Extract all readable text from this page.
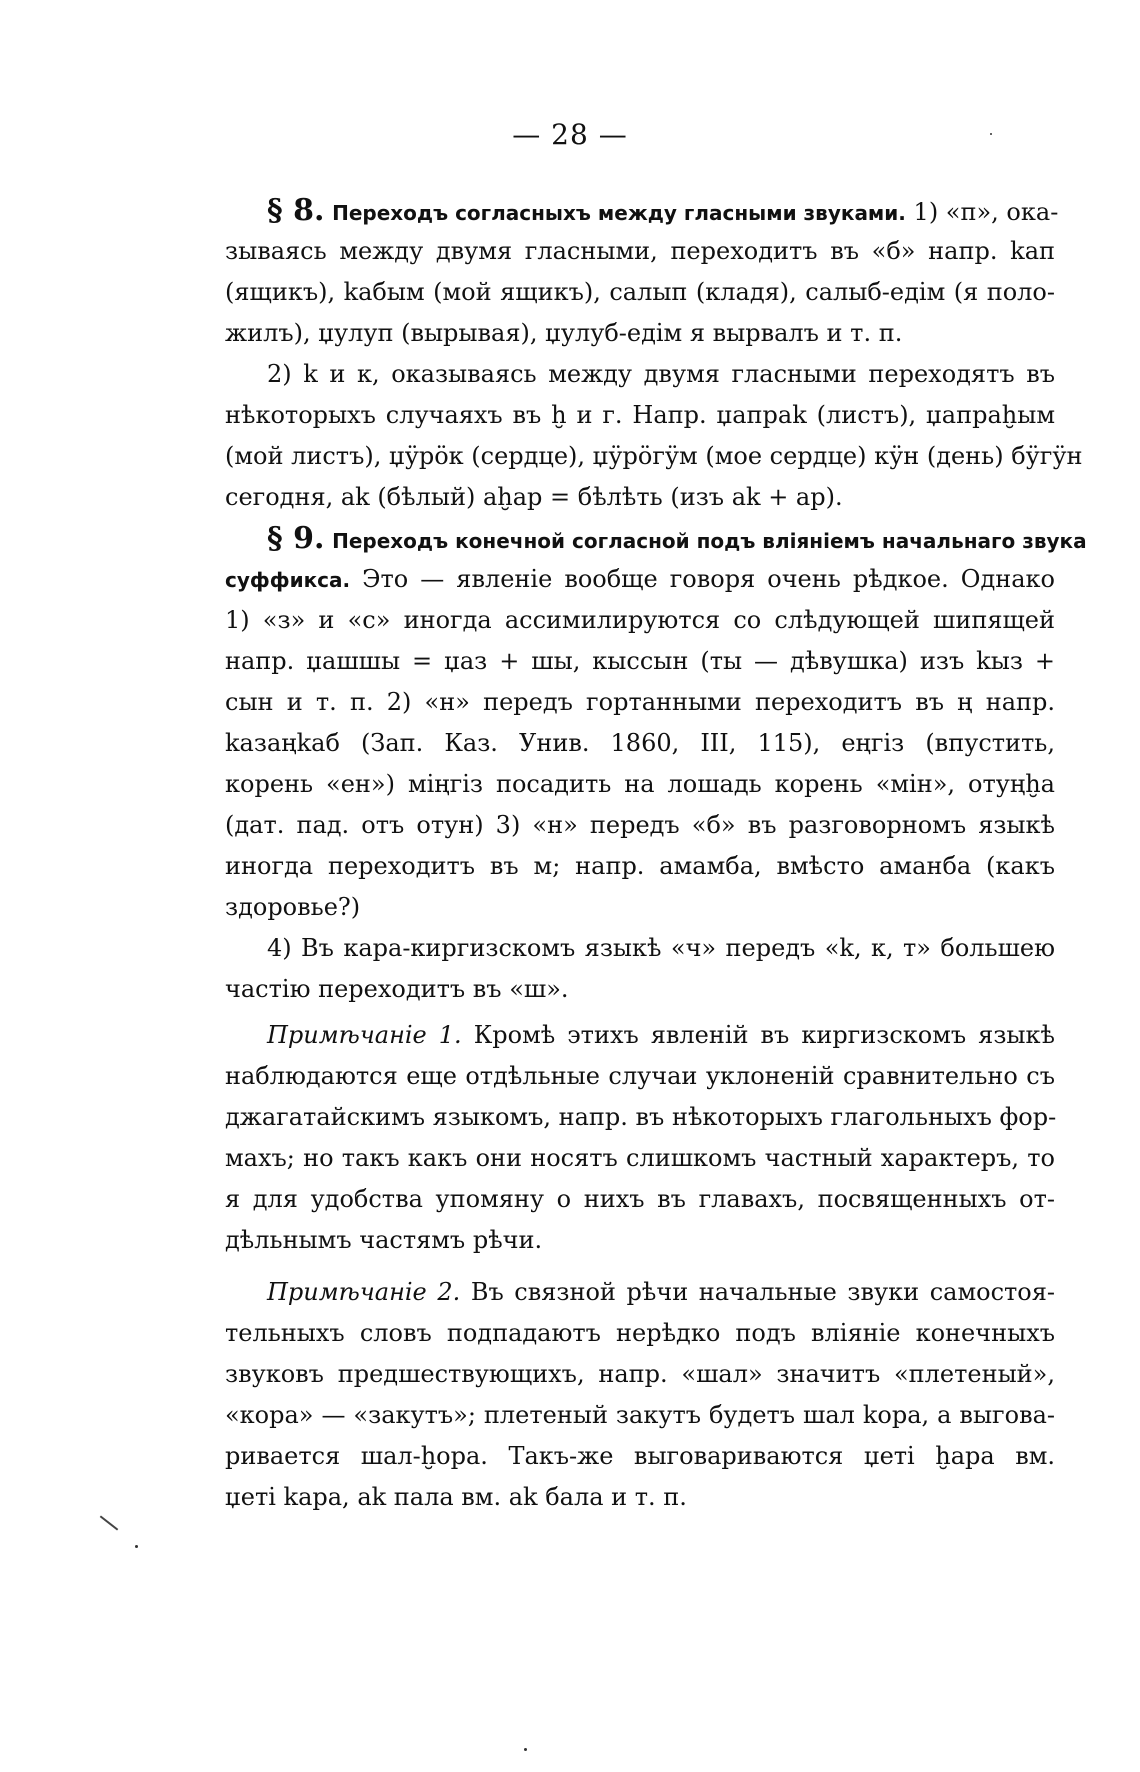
— 28 —
§ 8. Переходъ согласныхъ между гласными звуками. 1) «п», ока-
зываясь между двумя гласными, переходитъ въ «б» напр. kап
(ящикъ), kабым (мой ящикъ), салып (кладя), салыб-едім (я поло-
жилъ), џулуп (вырывая), џулуб-едім я вырвалъ и т. п.
2) k и к, оказываясь между двумя гласными переходятъ въ
нѣкоторыхъ случаяхъ въ ḫ и г. Напр. џапраk (листъ), џапраḫым
(мой листъ), џӱрӧк (сердце), џӱрӧгӱм (мое сердце) кӱн (день) бӱгӱн
сегодня, аk (бѣлый) аḫар = бѣлѣть (изъ аk + ар).
§ 9. Переходъ конечной согласной подъ вліяніемъ начальнаго звука
суффикса. Это — явленіе вообще говоря очень рѣдкое. Однако
1) «з» и «с» иногда ассимилируются со слѣдующей шипящей
напр. џашшы = џаз + шы, кыссын (ты — дѣвушка) изъ kыз +
сын и т. п. 2) «н» передъ гортанными переходитъ въ ң напр.
kазаңkаб (Зап. Каз. Унив. 1860, III, 115), еңгіз (впустить,
корень «ен») міңгіз посадить на лошадь корень «мін», отуңḫа
(дат. пад. отъ отун) 3) «н» передъ «б» въ разговорномъ языкѣ
иногда переходитъ въ м; напр. амамба, вмѣсто аманба (какъ
здоровье?)
4) Въ кара-киргизскомъ языкѣ «ч» передъ «k, к, т» большею
частію переходитъ въ «ш».
Примѣчаніе 1. Кромѣ этихъ явленій въ киргизскомъ языкѣ
наблюдаются еще отдѣльные случаи уклоненій сравнительно съ
джагатайскимъ языкомъ, напр. въ нѣкоторыхъ глагольныхъ фор-
махъ; но такъ какъ они носятъ слишкомъ частный характеръ, то
я для удобства упомяну о нихъ въ главахъ, посвященныхъ от-
дѣльнымъ частямъ рѣчи.
Примѣчаніе 2. Въ связной рѣчи начальные звуки самостоя-
тельныхъ словъ подпадаютъ нерѣдко подъ вліяніе конечныхъ
звуковъ предшествующихъ, напр. «шал» значитъ «плетеный»,
«кора» — «закутъ»; плетеный закутъ будетъ шал kора, а выгова-
ривается шал-ḫора. Такъ-же выговариваются џеті ḫара вм.
џеті kара, аk пала вм. аk бала и т. п.
